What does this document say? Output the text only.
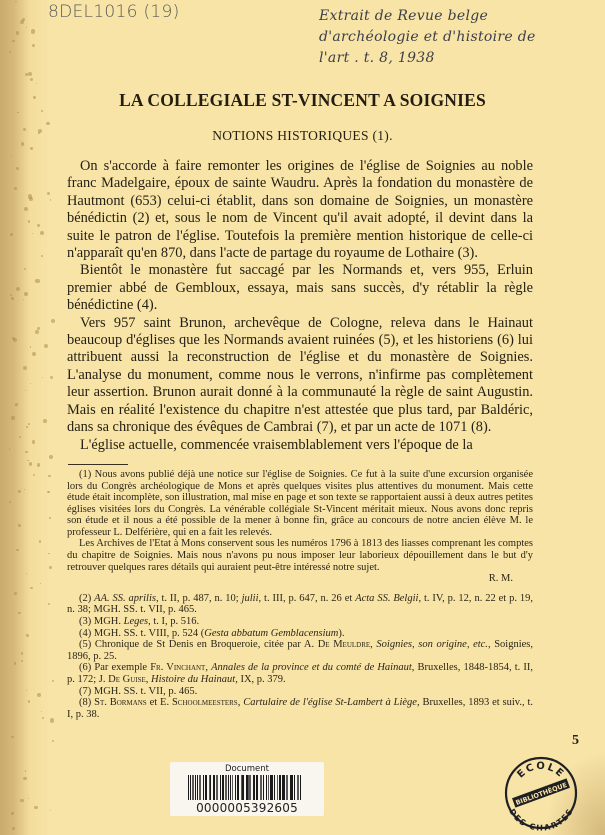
8DEL1016 (19)	Extrait de Revue belge
d'archéologie et d'histoire de
l'art . t. 8, 1938
LA COLLEGIALE ST-VINCENT A SOIGNIES
NOTIONS HISTORIQUES (1).

On s'accorde à faire remonter les origines de l'église de Soignies au noble franc Madelgaire, époux de sainte Waudru. Après la fondation du monastère de Hautmont (653) celui-ci établit, dans son domaine de Soignies, un monastère bénédictin (2) et, sous le nom de Vincent qu'il avait adopté, il devint dans la suite le patron de l'église. Toutefois la première mention historique de celle-ci n'apparaît qu'en 870, dans l'acte de partage du royaume de Lothaire (3).

Bientôt le monastère fut saccagé par les Normands et, vers 955, Erluin premier abbé de Gembloux, essaya, mais sans succès, d'y rétablir la règle bénédictine (4).

Vers 957 saint Brunon, archevêque de Cologne, releva dans le Hainaut beaucoup d'églises que les Normands avaient ruinées (5), et les historiens (6) lui attribuent aussi la reconstruction de l'église et du monastère de Soignies. L'analyse du monument, comme nous le verrons, n'infirme pas complètement leur assertion. Brunon aurait donné à la communauté la règle de saint Augustin. Mais en réalité l'existence du chapitre n'est attestée que plus tard, par Baldéric, dans sa chronique des évêques de Cambrai (7), et par un acte de 1071 (8).

L'église actuelle, commencée vraisemblablement vers l'époque de la

(1) Nous avons publié déjà une notice sur l'église de Soignies. Ce fut à la suite d'une excursion organisée lors du Congrès archéologique de Mons et après quelques visites plus attentives du monument. Mais cette étude était incomplète, son illustration, mal mise en page et son texte se rapportaient aussi à deux autres petites églises visitées lors du Congrès. La vénérable collégiale St-Vincent méritait mieux. Nous avons donc repris son étude et il nous a été possible de la mener à bonne fin, grâce au concours de notre ancien élève M. le professeur L. Delférière, qui en a fait les relevés.

Les Archives de l'Etat à Mons conservent sous les numéros 1796 à 1813 des liasses comprenant les comptes du chapitre de Soignies. Mais nous n'avons pu nous imposer leur laborieux dépouillement dans le but d'y retrouver quelques rares détails qui auraient peut-être intéressé notre sujet.

R. M.

(2) AA. SS. aprilis, t. II, p. 487, n. 10; julii, t. III, p. 647, n. 26 et Acta SS. Belgii, t. IV, p. 12, n. 22 et p. 19, n. 38; MGH. SS. t. VII, p. 465.

(3) MGH. Leges, t. I, p. 516.

(4) MGH. SS. t. VIII, p. 524 (Gesta abbatum Gemblacensium).

(5) Chronique de St Denis en Broqueroie, citée par A. De Meuldre, Soignies, son origine, etc., Soignies, 1896, p. 25.

(6) Par exemple Fr. Vinchant, Annales de la province et du comté de Hainaut, Bruxelles, 1848-1854, t. II, p. 172; J. De Guise, Histoire du Hainaut, IX, p. 379.

(7) MGH. SS. t. VII, p. 465.

(8) St. Bormans et E. Schoolmeesters, Cartulaire de l'église St-Lambert à Liège, Bruxelles, 1893 et suiv., t. I, p. 38.

Document
0000005392605
5
ECOLE
BIBLIOTHÈQUE
DES CHARTES
